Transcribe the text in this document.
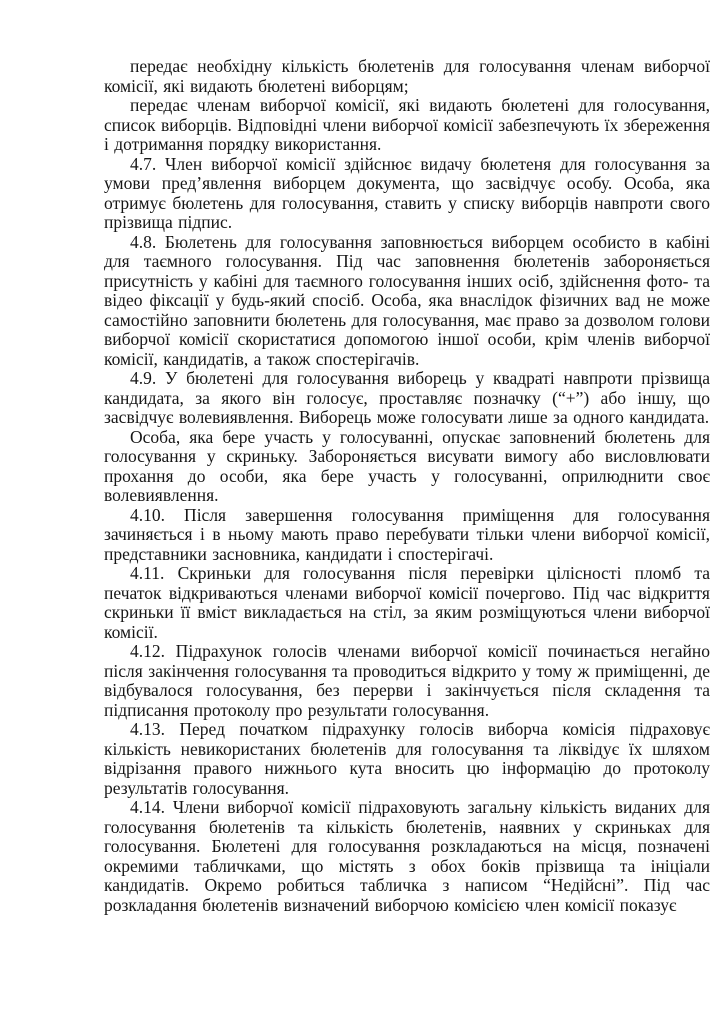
передає необхідну кількість бюлетенів для голосування членам виборчої комісії, які видають бюлетені виборцям;

передає членам виборчої комісії, які видають бюлетені для голосування, список виборців. Відповідні члени виборчої комісії забезпечують їх збереження і дотримання порядку використання.

4.7. Член виборчої комісії здійснює видачу бюлетеня для голосування за умови пред’явлення виборцем документа, що засвідчує особу. Особа, яка отримує бюлетень для голосування, ставить у списку виборців навпроти свого прізвища підпис.

4.8. Бюлетень для голосування заповнюється виборцем особисто в кабіні для таємного голосування. Під час заповнення бюлетенів забороняється присутність у кабіні для таємного голосування інших осіб, здійснення фото- та відео фіксації у будь-який спосіб. Особа, яка внаслідок фізичних вад не може самостійно заповнити бюлетень для голосування, має право за дозволом голови виборчої комісії скористатися допомогою іншої особи, крім членів виборчої комісії, кандидатів, а також спостерігачів.

4.9. У бюлетені для голосування виборець у квадраті навпроти прізвища кандидата, за якого він голосує, проставляє позначку (“+”) або іншу, що засвідчує волевиявлення. Виборець може голосувати лише за одного кандидата.

Особа, яка бере участь у голосуванні, опускає заповнений бюлетень для голосування у скриньку. Забороняється висувати вимогу або висловлювати прохання до особи, яка бере участь у голосуванні, оприлюднити своє волевиявлення.

4.10. Після завершення голосування приміщення для голосування зачиняється і в ньому мають право перебувати тільки члени виборчої комісії, представники засновника, кандидати і спостерігачі.

4.11. Скриньки для голосування після перевірки цілісності пломб та печаток відкриваються членами виборчої комісії почергово. Під час відкриття скриньки її вміст викладається на стіл, за яким розміщуються члени виборчої комісії.

4.12. Підрахунок голосів членами виборчої комісії починається негайно після закінчення голосування та проводиться відкрито у тому ж приміщенні, де відбувалося голосування, без перерви і закінчується після складення та підписання протоколу про результати голосування.

4.13. Перед початком підрахунку голосів виборча комісія підраховує кількість невикористаних бюлетенів для голосування та ліквідує їх шляхом відрізання правого нижнього кута вносить цю інформацію до протоколу результатів голосування.

4.14. Члени виборчої комісії підраховують загальну кількість виданих для голосування бюлетенів та кількість бюлетенів, наявних у скриньках для голосування. Бюлетені для голосування розкладаються на місця, позначені окремими табличками, що містять з обох боків прізвища та ініціали кандидатів. Окремо робиться табличка з написом “Недійсні”. Під час розкладання бюлетенів визначений виборчою комісією член комісії показує
